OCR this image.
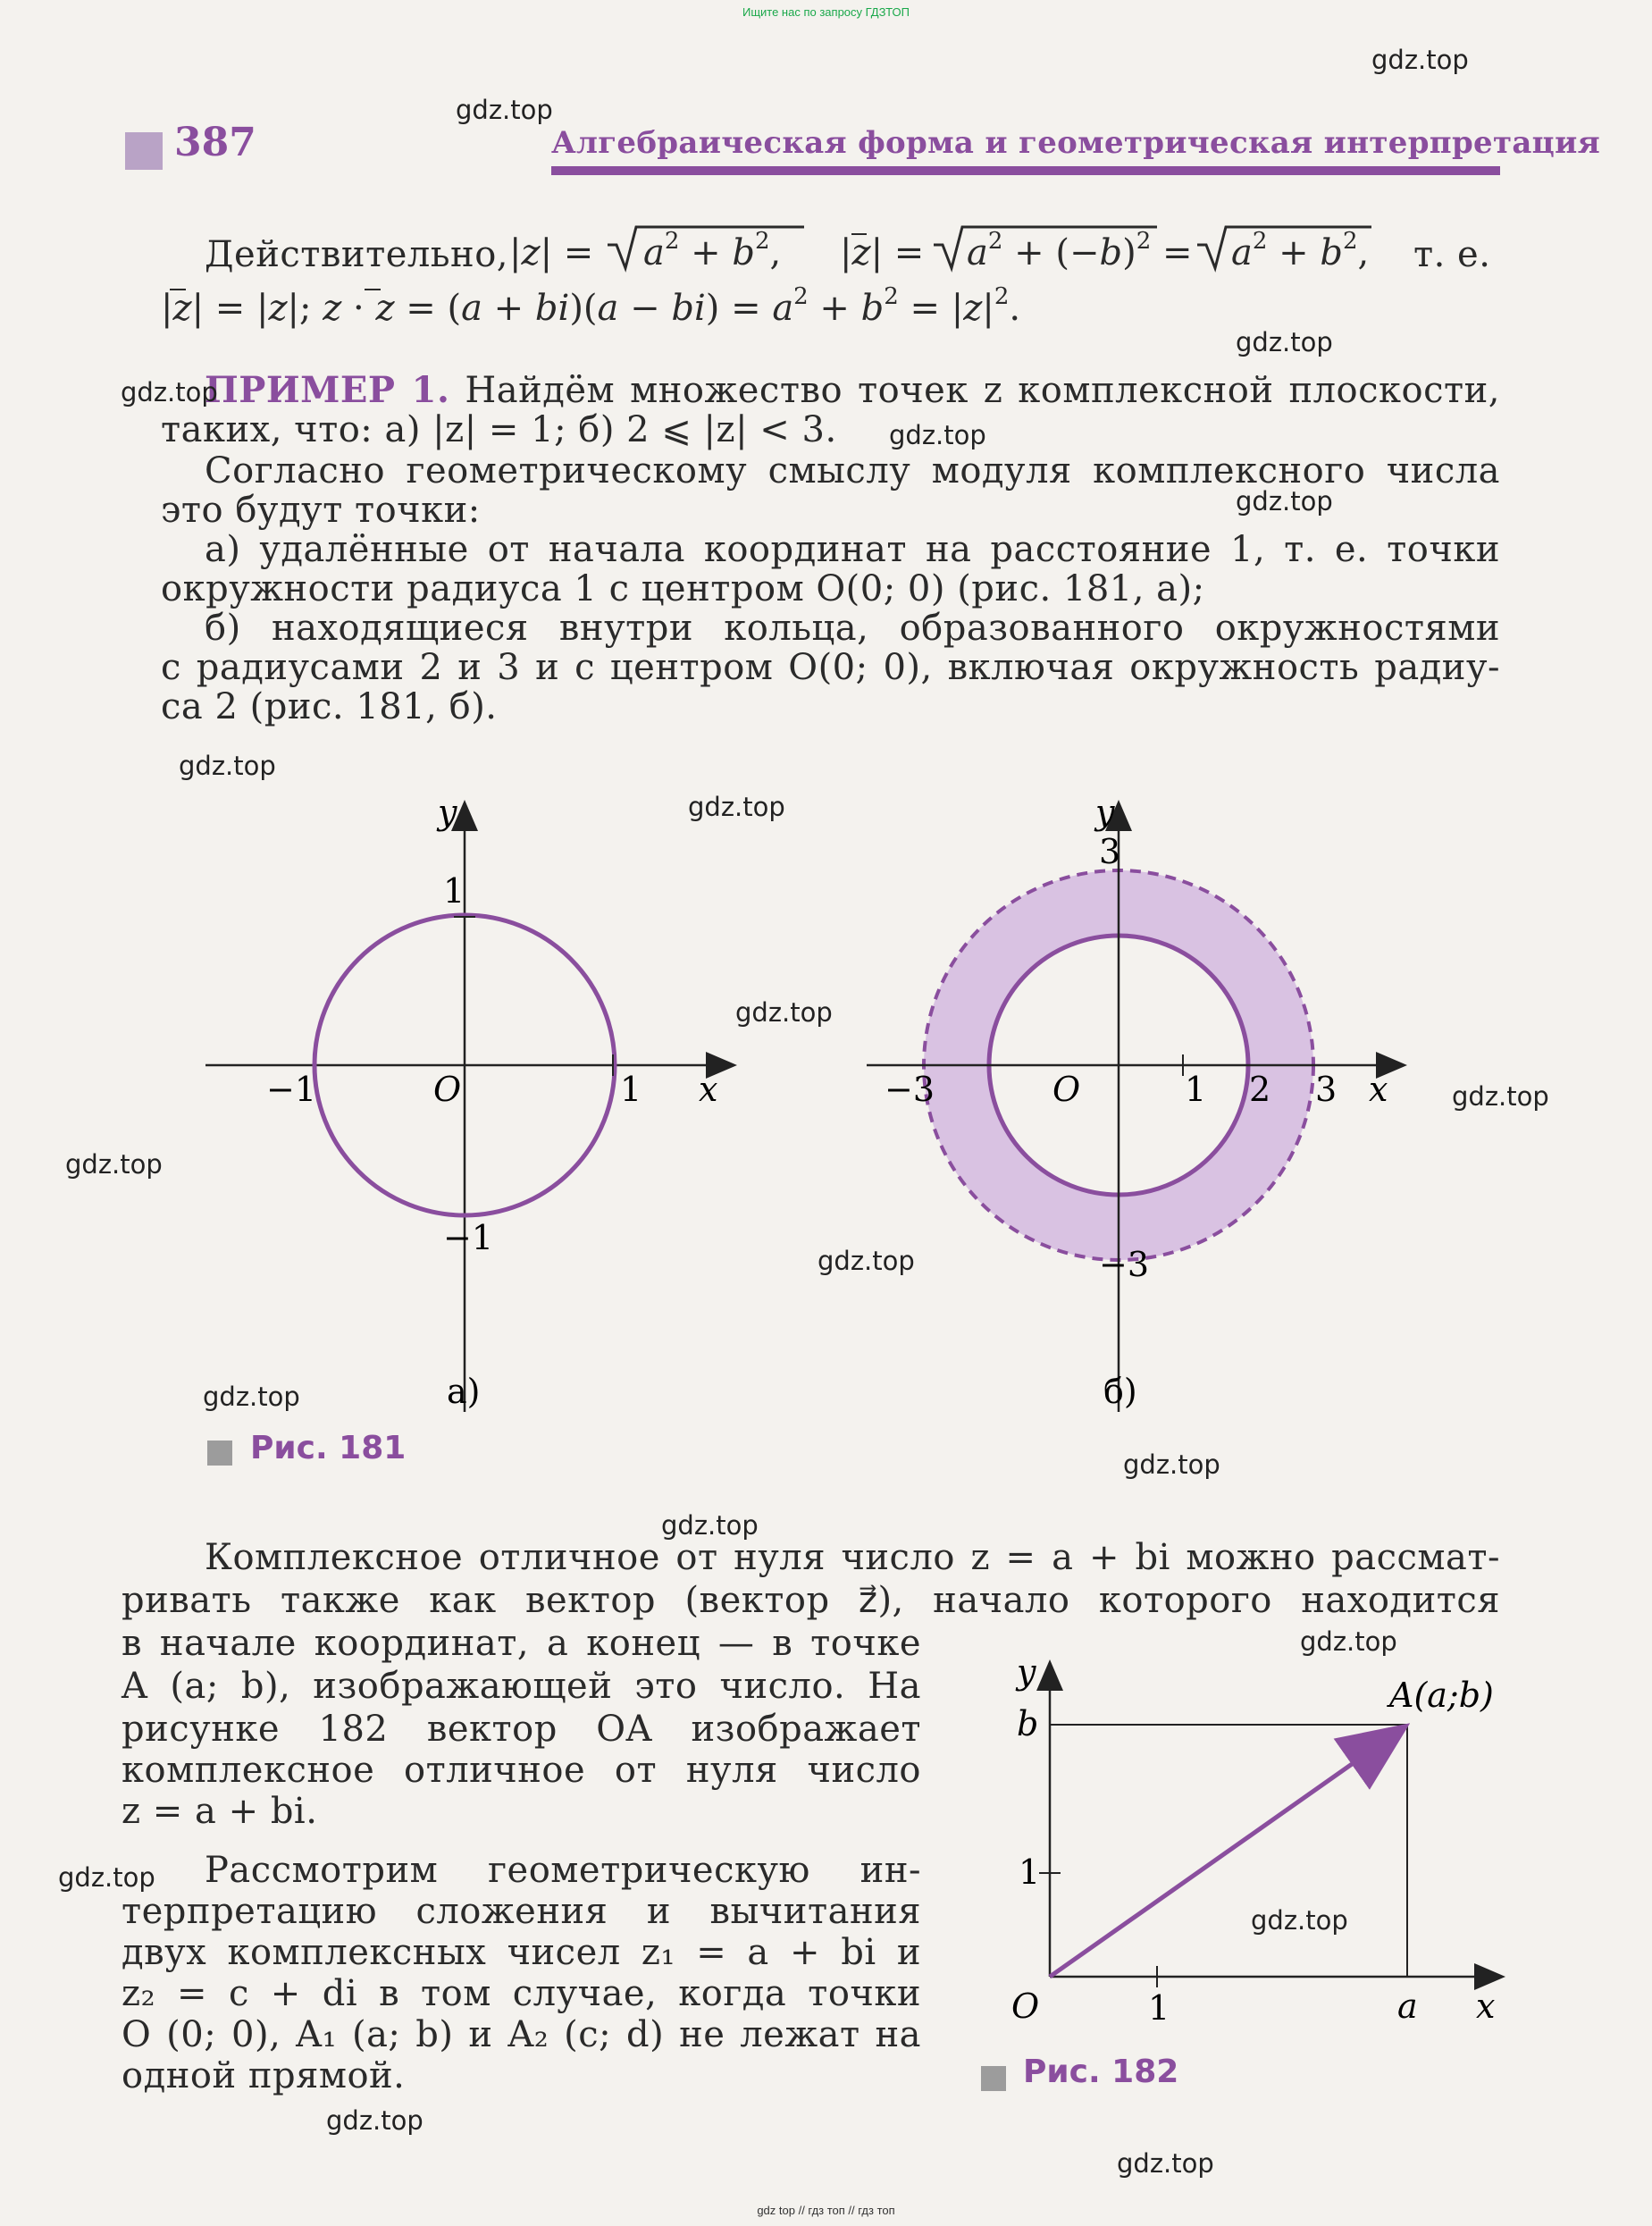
Ищите нас по запросу ГДЗТОП
387	Алгебраическая форма и геометрическая интерпретация
Действительно, $|z| = a^2 + b^2$, $|z| = a^2 + (-b)^2 = a^2 + b^2$, т. е.
|z| = |z|; $z \cdot z = (a + bi)(a - bi) = a^2 + b^2 = |z|^2$.
ПРИМЕР 1. Найдём множество точек z комплексной плоскости,
таких, что: а) |z| = 1; б) 2 ⩽ |z| < 3.
Согласно геометрическому смыслу модуля комплексного числа
это будут точки:
а) удалённые от начала координат на расстояние 1, т. е. точки
окружности радиуса 1 с центром O(0; 0) (рис. 181, а);
б) находящиеся внутри кольца, образованного окружностями
с радиусами 2 и 3 и с центром O(0; 0), включая окружность радиу-
са 2 (рис. 181, б).
y
1
−1	O	1 x
−1
а)
y
3
−3	O	1 2 3 x
−3
б)
Рис. 181
Комплексное отличное от нуля число z = a + bi можно рассмат-
ривать также как вектор (вектор z⃗), начало которого находится
в начале координат, а конец — в точке
A (a; b), изображающей это число. На
рисунке 182 вектор OA изображает
комплексное отличное от нуля число
z = a + bi.
Рассмотрим геометрическую ин-
терпретацию сложения и вычитания
двух комплексных чисел z₁ = a + bi и
z₂ = c + di в том случае, когда точки
O (0; 0), A₁ (a; b) и A₂ (c; d) не лежат на
одной прямой.
y
b
A(a;b)
1
O	1	a x
Рис. 182
gdz.top
gdz.top
gdz.top
gdz.top
gdz.top
gdz.top
gdz.top
gdz.top
gdz.top
gdz.top
gdz.top
gdz.top
gdz.top
gdz.top
gdz.top
gdz.top
gdz.top
gdz.top
gdz.top
gdz.top
gdz top // гдз топ // гдз топ
